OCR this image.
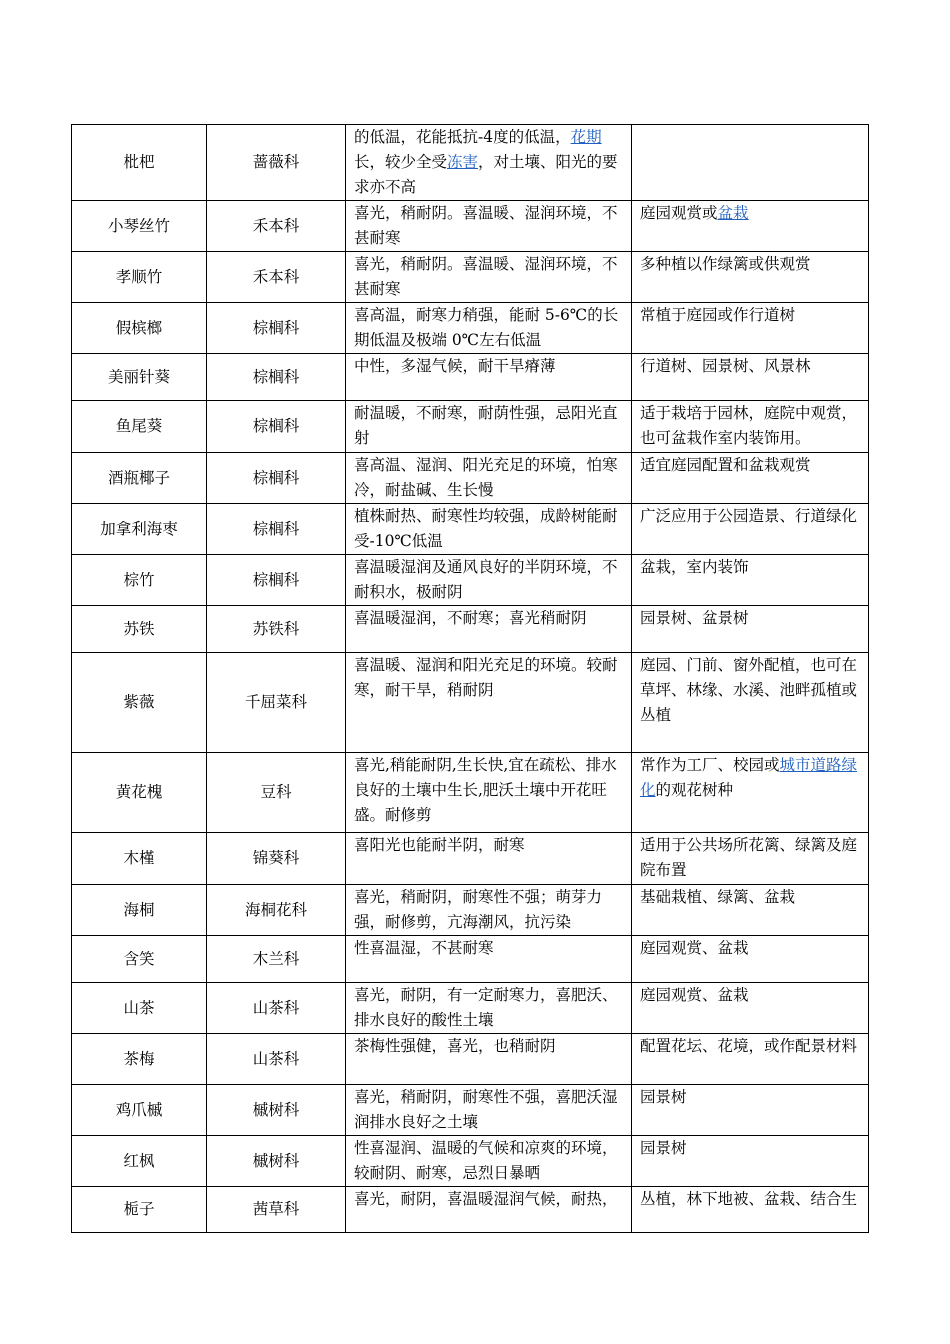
枇杷	蔷薇科	的低温，花能抵抗-4度的低温，花期长，较少全受冻害，对土壤、阳光的要求亦不高	
小琴丝竹	禾本科	喜光，稍耐阴。喜温暖、湿润环境，不甚耐寒	庭园观赏或盆栽
孝顺竹	禾本科	喜光，稍耐阴。喜温暖、湿润环境，不甚耐寒	多种植以作绿篱或供观赏
假槟榔	棕榈科	喜高温，耐寒力稍强，能耐 5-6℃的长期低温及极端 0℃左右低温	常植于庭园或作行道树
美丽针葵	棕榈科	中性，多湿气候，耐干旱瘠薄	行道树、园景树、风景林
鱼尾葵	棕榈科	耐温暖，不耐寒，耐荫性强，忌阳光直射	适于栽培于园林，庭院中观赏，也可盆栽作室内装饰用。
酒瓶椰子	棕榈科	喜高温、湿润、阳光充足的环境，怕寒冷，耐盐碱、生长慢	适宜庭园配置和盆栽观赏
加拿利海枣	棕榈科	植株耐热、耐寒性均较强，成龄树能耐受-10℃低温	广泛应用于公园造景、行道绿化
棕竹	棕榈科	喜温暖湿润及通风良好的半阴环境，不耐积水，极耐阴	盆栽，室内装饰
苏铁	苏铁科	喜温暖湿润，不耐寒；喜光稍耐阴	园景树、盆景树
紫薇	千屈菜科	喜温暖、湿润和阳光充足的环境。较耐寒，耐干旱，稍耐阴	庭园、门前、窗外配植，也可在草坪、林缘、水溪、池畔孤植或丛植
黄花槐	豆科	喜光,稍能耐阴,生长快,宜在疏松、排水良好的土壤中生长,肥沃土壤中开花旺盛。耐修剪	常作为工厂、校园或城市道路绿化的观花树种
木槿	锦葵科	喜阳光也能耐半阴，耐寒	适用于公共场所花篱、绿篱及庭院布置
海桐	海桐花科	喜光，稍耐阴，耐寒性不强；萌芽力强，耐修剪，亢海潮风，抗污染	基础栽植、绿篱、盆栽
含笑	木兰科	性喜温湿，不甚耐寒	庭园观赏、盆栽
山茶	山茶科	喜光，耐阴，有一定耐寒力，喜肥沃、排水良好的酸性土壤	庭园观赏、盆栽
茶梅	山茶科	茶梅性强健，喜光，也稍耐阴	配置花坛、花境，或作配景材料
鸡爪槭	槭树科	喜光，稍耐阴，耐寒性不强，喜肥沃湿润排水良好之土壤	园景树
红枫	槭树科	性喜湿润、温暖的气候和凉爽的环境，较耐阴、耐寒，忌烈日暴晒	园景树
栀子	茜草科	喜光，耐阴，喜温暖湿润气候，耐热，	丛植，林下地被、盆栽、结合生
